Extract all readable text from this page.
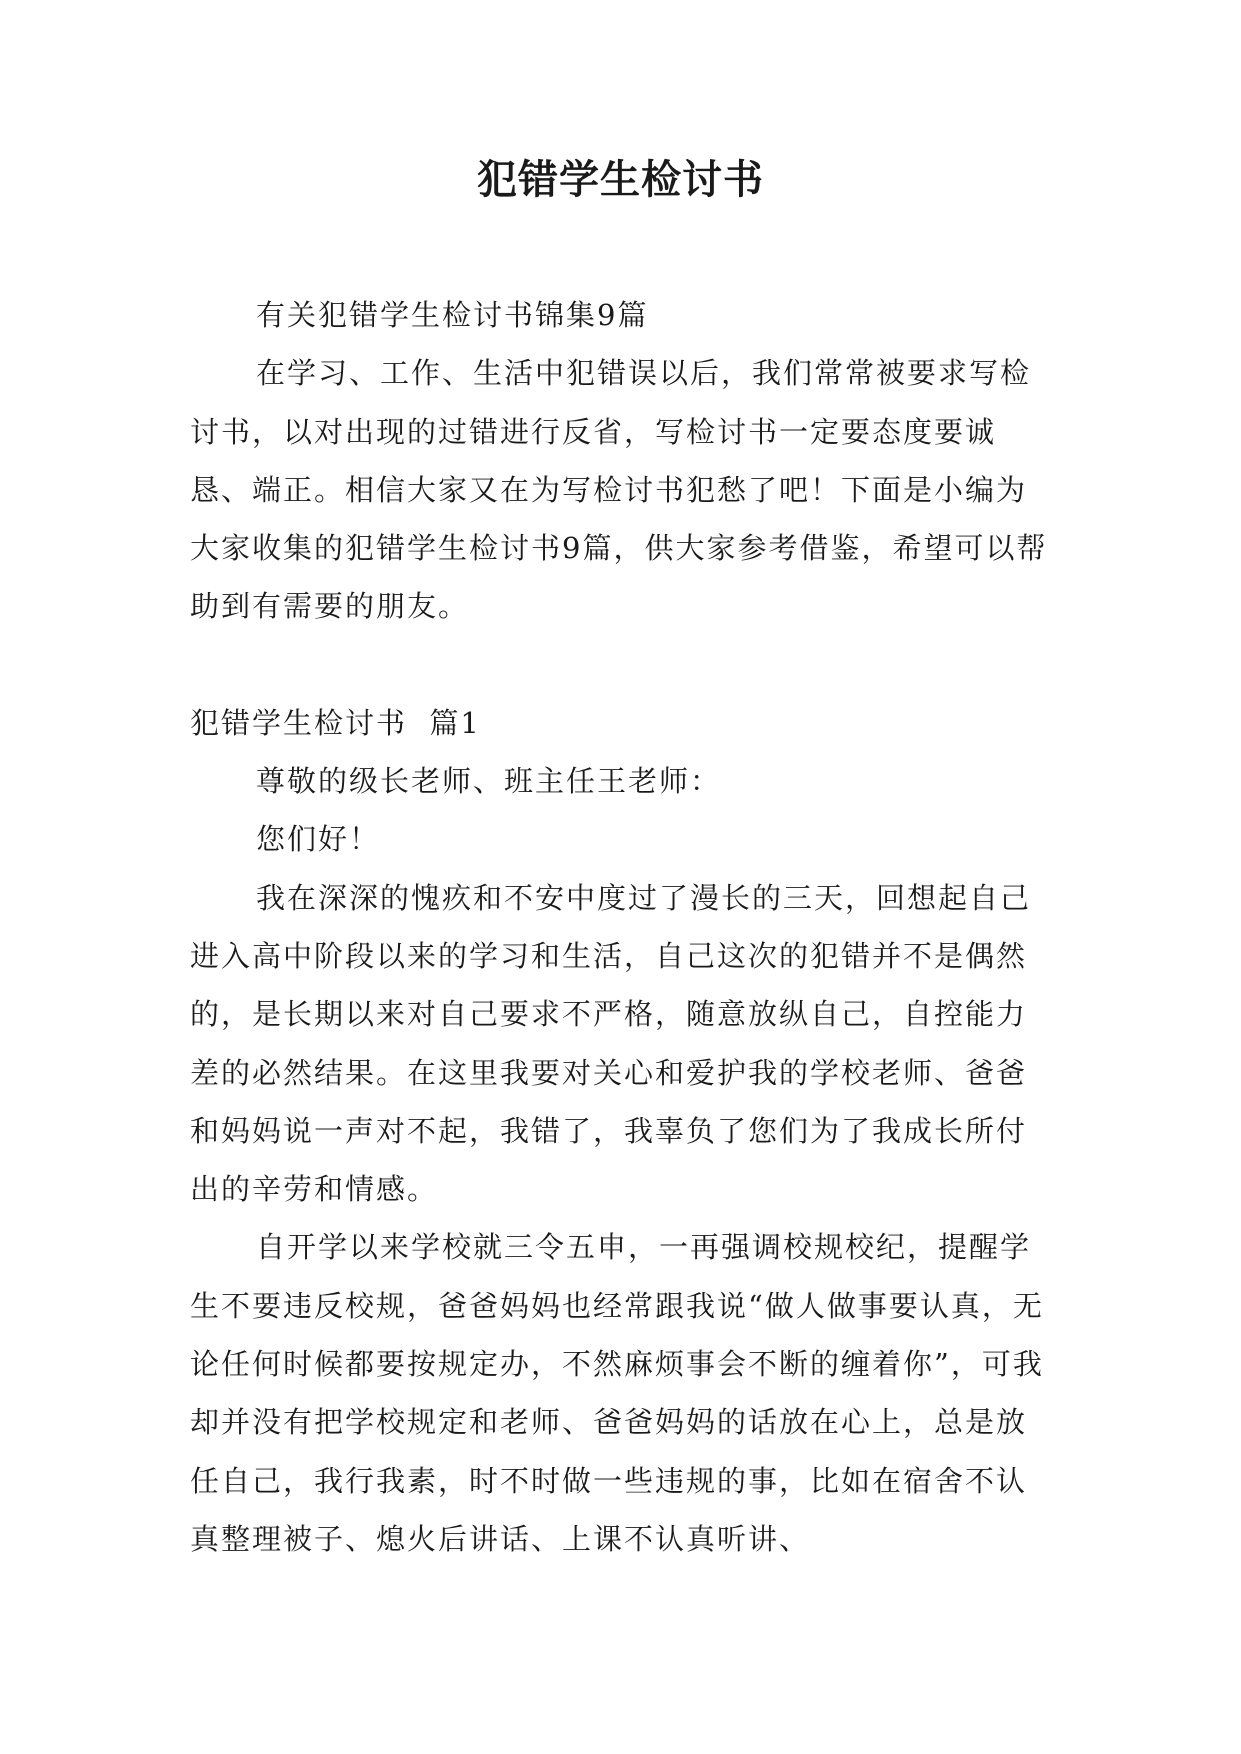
犯错学生检讨书

有关犯错学生检讨书锦集9篇

在学习、工作、生活中犯错误以后，我们常常被要求写检讨书，以对出现的过错进行反省，写检讨书一定要态度要诚恳、端正。相信大家又在为写检讨书犯愁了吧！下面是小编为大家收集的犯错学生检讨书9篇，供大家参考借鉴，希望可以帮助到有需要的朋友。

犯错学生检讨书  篇1

尊敬的级长老师、班主任王老师：

您们好！

我在深深的愧疚和不安中度过了漫长的三天，回想起自己进入高中阶段以来的学习和生活，自己这次的犯错并不是偶然的，是长期以来对自己要求不严格，随意放纵自己，自控能力差的必然结果。在这里我要对关心和爱护我的学校老师、爸爸和妈妈说一声对不起，我错了，我辜负了您们为了我成长所付出的辛劳和情感。

自开学以来学校就三令五申，一再强调校规校纪，提醒学生不要违反校规，爸爸妈妈也经常跟我说“做人做事要认真，无论任何时候都要按规定办，不然麻烦事会不断的缠着你”，可我却并没有把学校规定和老师、爸爸妈妈的话放在心上，总是放任自己，我行我素，时不时做一些违规的事，比如在宿舍不认真整理被子、熄火后讲话、上课不认真听讲、
